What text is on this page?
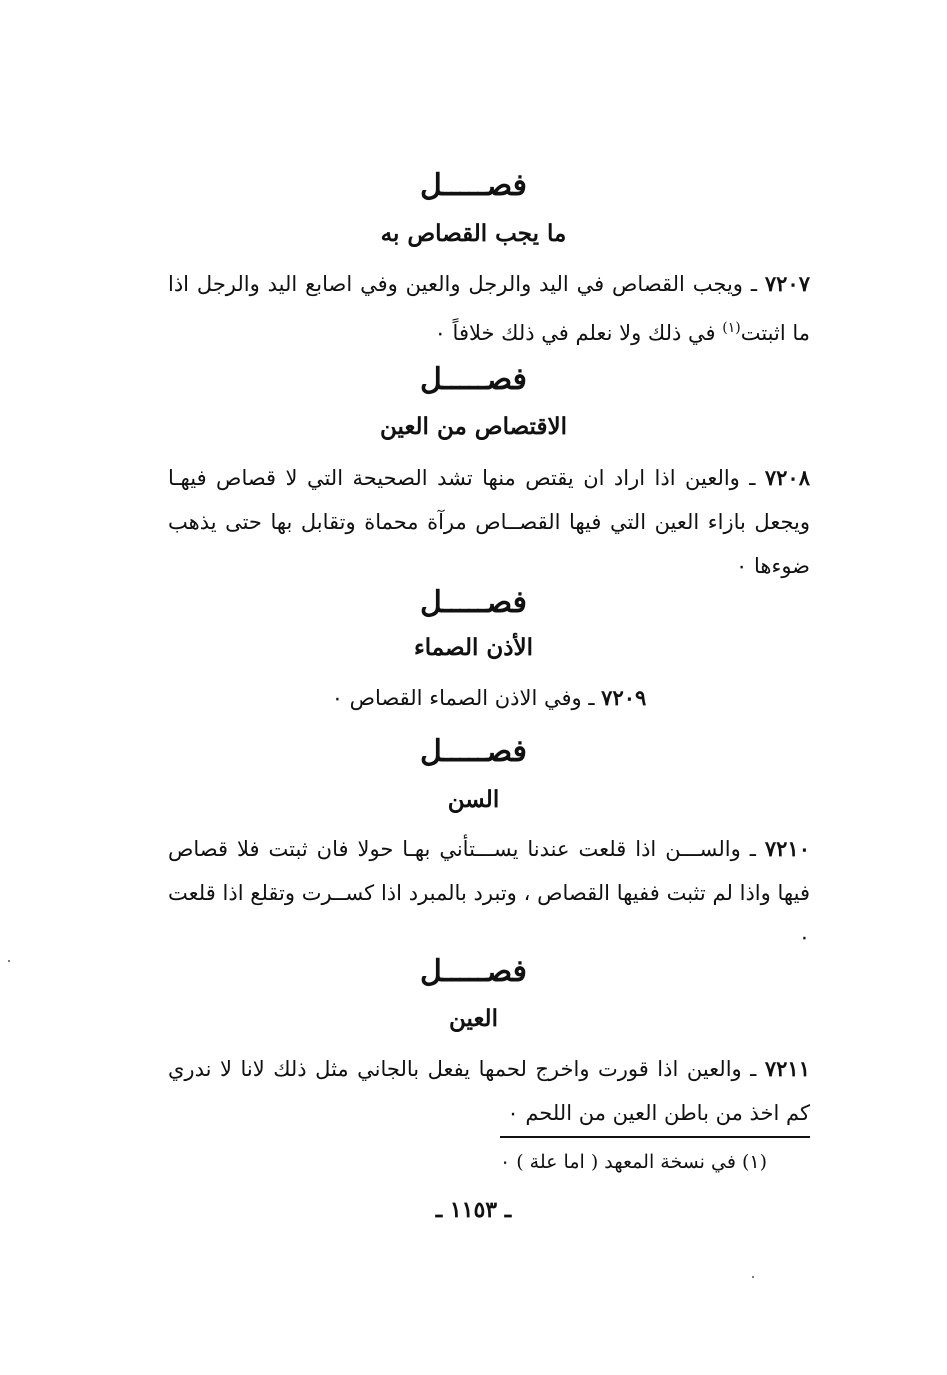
فصـــــل
ما يجب القصاص به
٧٢٠٧ ـ ويجب القصاص في اليد والرجل والعين وفي اصابع اليد والرجل اذا ما اثبتت$^{(١)}$ في ذلك ولا نعلم في ذلك خلافاً ٠
فصـــــل
الاقتصاص من العين
٧٢٠٨ ـ والعين اذا اراد ان يقتص منها تشد الصحيحة التي لا قصاص فيهـا ويجعل بازاء العين التي فيها القصــاص مرآة محماة وتقابل بها حتى يذهب ضوءها ٠
فصـــــل
الأذن الصماء
٧٢٠٩ ـ وفي الاذن الصماء القصاص ٠
فصـــــل
السن
٧٢١٠ ـ والســـن اذا قلعت عندنا يســـتأني بهـا حولا فان ثبتت فلا قصاص فيها واذا لم تثبت ففيها القصاص ، وتبرد بالمبرد اذا كســرت وتقلع اذا قلعت ٠
فصـــــل
العين
٧٢١١ ـ والعين اذا قورت واخرج لحمها يفعل بالجاني مثل ذلك لانا لا ندري كم اخذ من باطن العين من اللحم ٠
(١) في نسخة المعهد ( اما علة ) ٠
ـ ١١٥٣ ـ
